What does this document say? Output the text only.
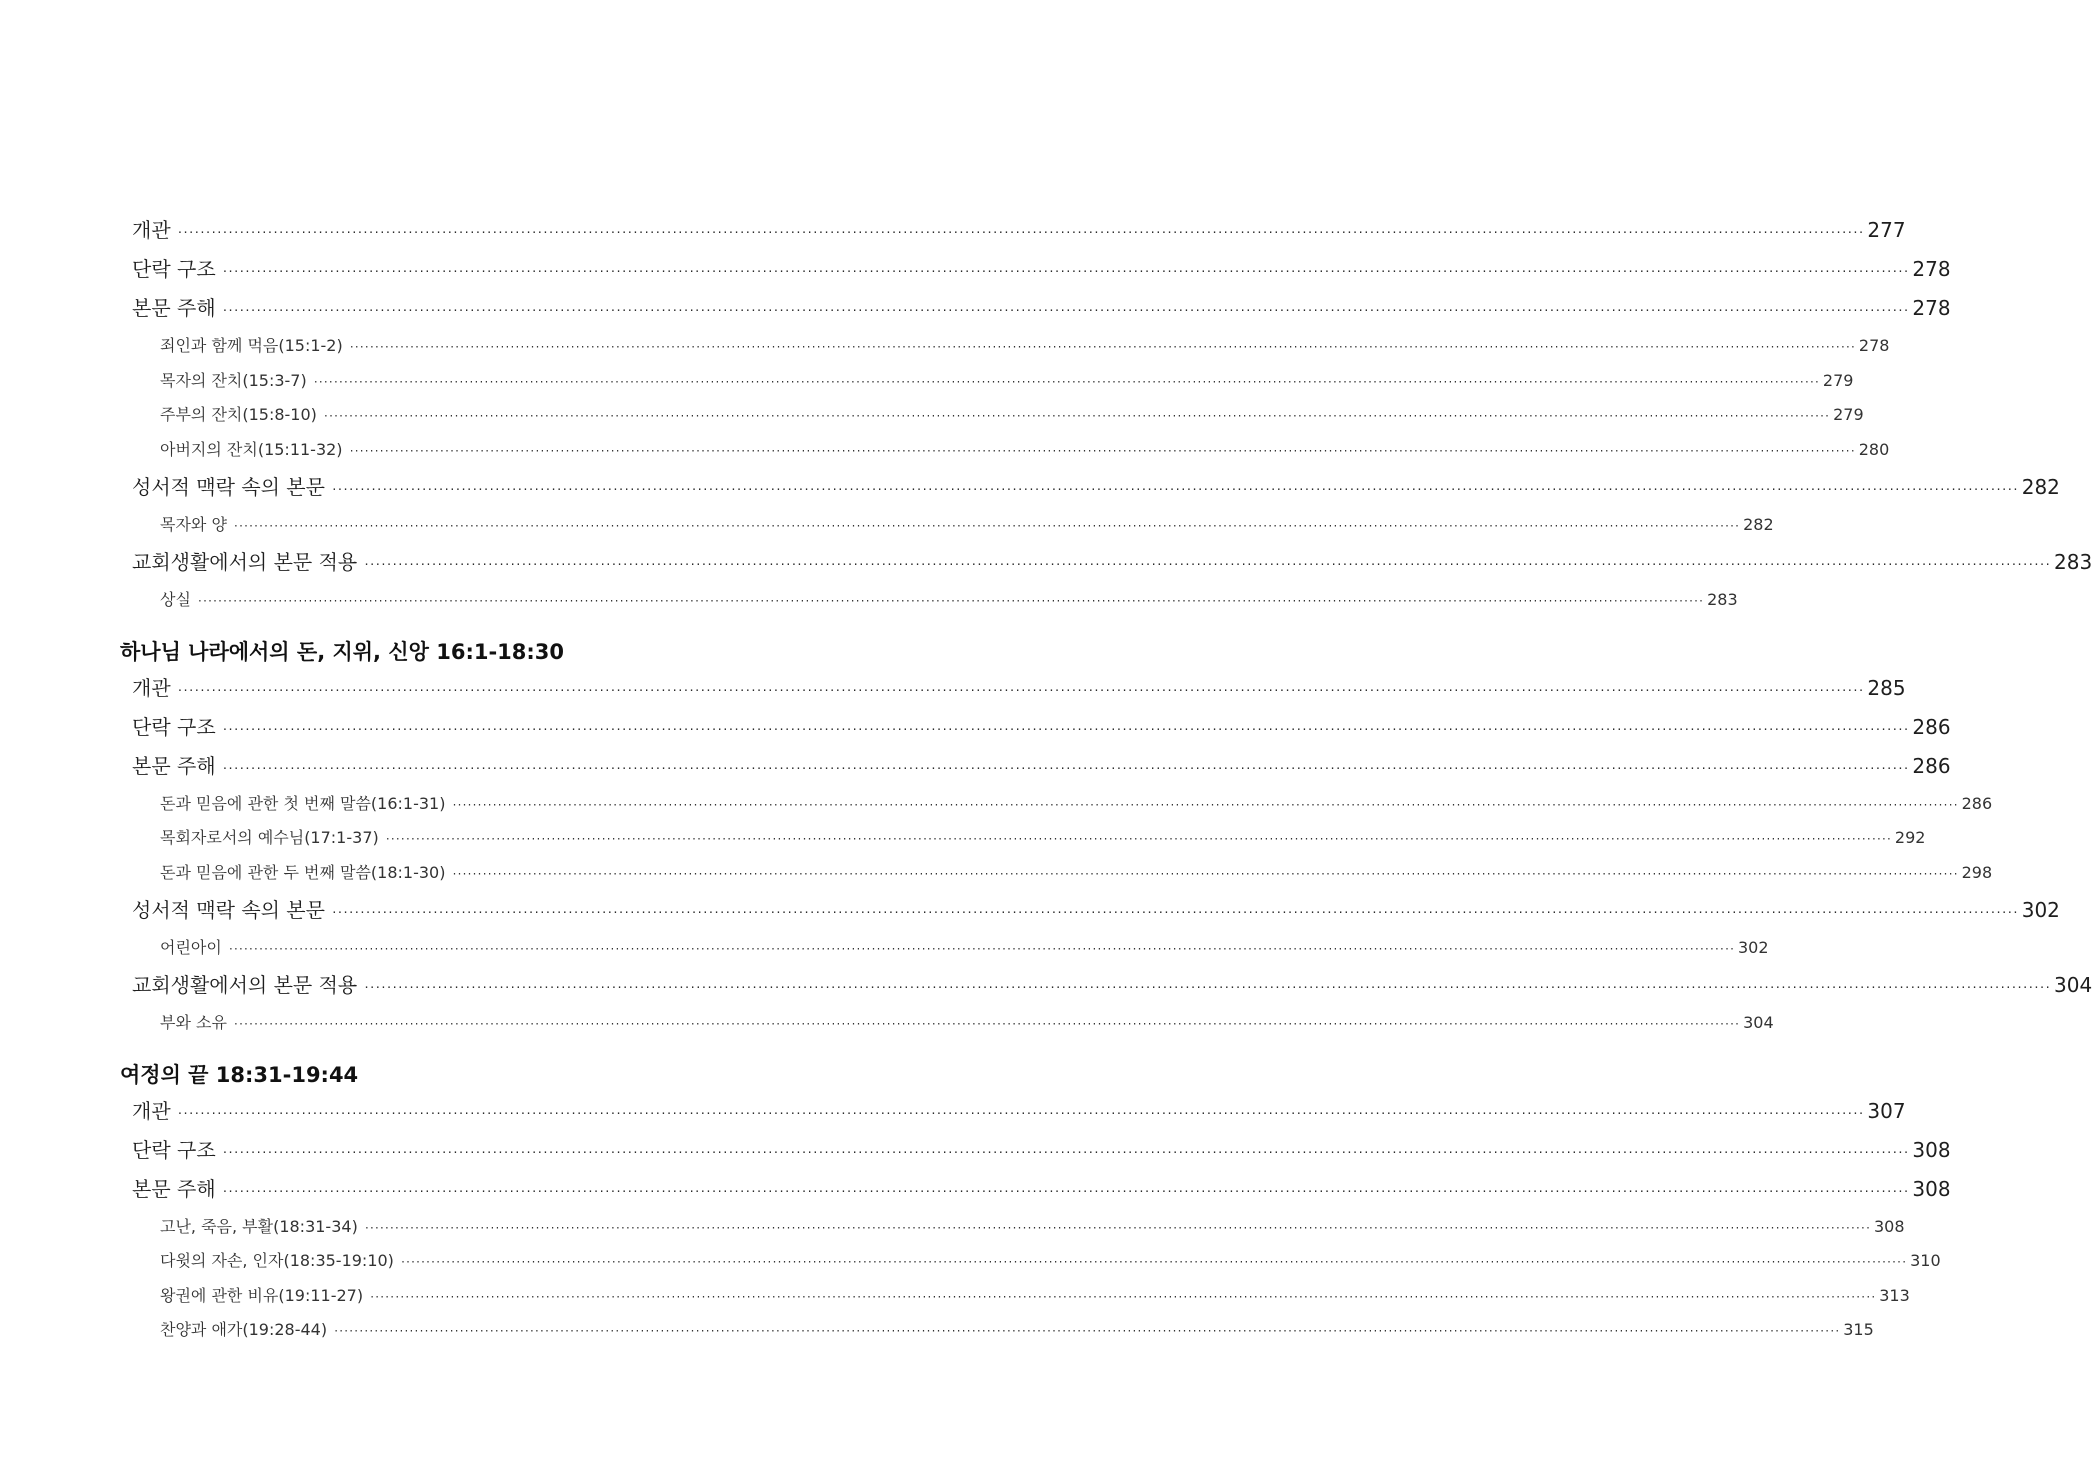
개관 ············································································································································································································································································································ 277
단락 구조 ············································································································································································································································································································ 278
본문 주해 ············································································································································································································································································································ 278
죄인과 함께 먹음(15:1-2) ············································································································································································································································································································ 278
목자의 잔치(15:3-7) ············································································································································································································································································································ 279
주부의 잔치(15:8-10) ············································································································································································································································································································ 279
아버지의 잔치(15:11-32) ············································································································································································································································································································ 280
성서적 맥락 속의 본문 ············································································································································································································································································································ 282
목자와 양 ············································································································································································································································································································ 282
교회생활에서의 본문 적용 ············································································································································································································································································································ 283
상실 ············································································································································································································································································································ 283
하나님 나라에서의 돈, 지위, 신앙 16:1-18:30
개관 ············································································································································································································································································································ 285
단락 구조 ············································································································································································································································································································ 286
본문 주해 ············································································································································································································································································································ 286
돈과 믿음에 관한 첫 번째 말씀(16:1-31) ············································································································································································································································································································ 286
목회자로서의 예수님(17:1-37) ············································································································································································································································································································ 292
돈과 믿음에 관한 두 번째 말씀(18:1-30) ············································································································································································································································································································ 298
성서적 맥락 속의 본문 ············································································································································································································································································································ 302
어린아이 ············································································································································································································································································································ 302
교회생활에서의 본문 적용 ············································································································································································································································································································ 304
부와 소유 ············································································································································································································································································································ 304
여정의 끝 18:31-19:44
개관 ············································································································································································································································································································ 307
단락 구조 ············································································································································································································································································································ 308
본문 주해 ············································································································································································································································································································ 308
고난, 죽음, 부활(18:31-34) ············································································································································································································································································································ 308
다윗의 자손, 인자(18:35-19:10) ············································································································································································································································································································ 310
왕권에 관한 비유(19:11-27) ············································································································································································································································································································ 313
찬양과 애가(19:28-44) ············································································································································································································································································································ 315
